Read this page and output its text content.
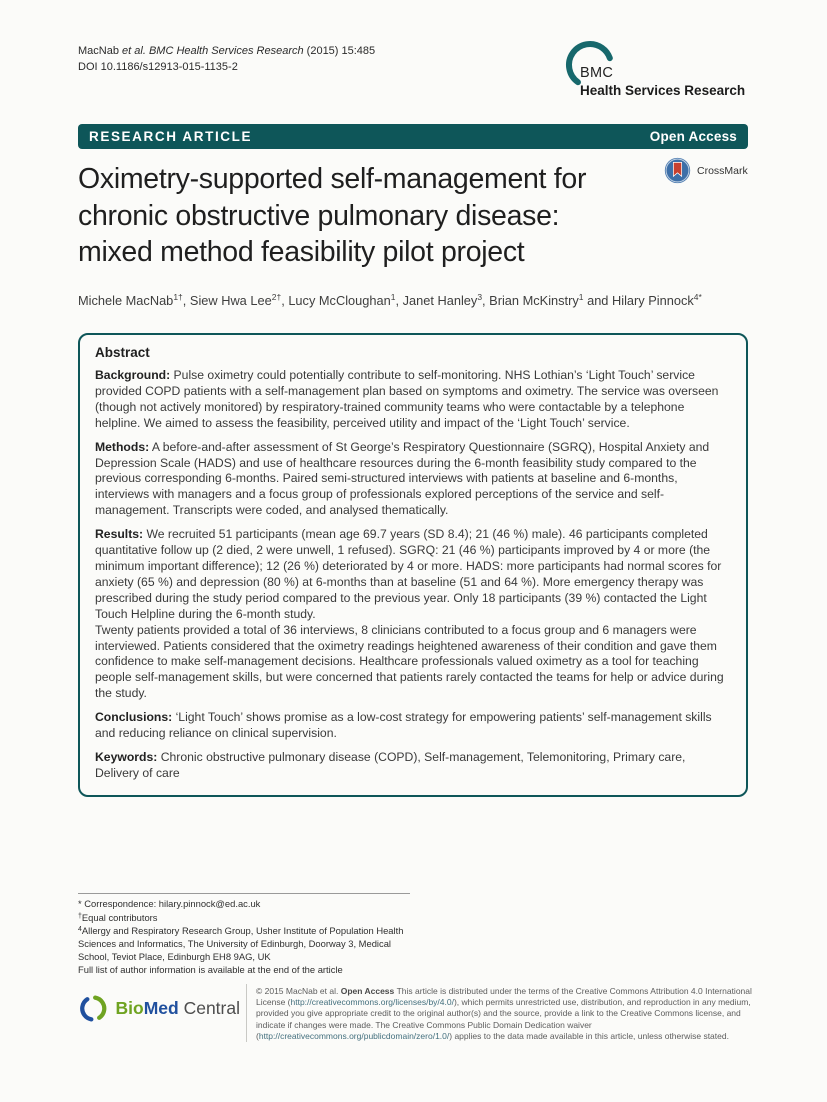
MacNab et al. BMC Health Services Research (2015) 15:485
DOI 10.1186/s12913-015-1135-2	BMC
Health Services Research
RESEARCH ARTICLE	Open Access
Oximetry-supported self-management for
chronic obstructive pulmonary disease:
mixed method feasibility pilot project
CrossMark
Michele MacNab$^{1\dagger}$, Siew Hwa Lee$^{2\dagger}$, Lucy McCloughan$^1$, Janet Hanley$^3$, Brian McKinstry$^1$ and Hilary Pinnock$^{4*}$
Abstract

Background: Pulse oximetry could potentially contribute to self-monitoring. NHS Lothian’s ‘Light Touch’ service provided COPD patients with a self-management plan based on symptoms and oximetry. The service was overseen (though not actively monitored) by respiratory-trained community teams who were contactable by a telephone helpline. We aimed to assess the feasibility, perceived utility and impact of the ‘Light Touch’ service.

Methods: A before-and-after assessment of St George’s Respiratory Questionnaire (SGRQ), Hospital Anxiety and Depression Scale (HADS) and use of healthcare resources during the 6-month feasibility study compared to the previous corresponding 6-months. Paired semi-structured interviews with patients at baseline and 6-months, interviews with managers and a focus group of professionals explored perceptions of the service and self-management. Transcripts were coded, and analysed thematically.

Results: We recruited 51 participants (mean age 69.7 years (SD 8.4); 21 (46 %) male). 46 participants completed quantitative follow up (2 died, 2 were unwell, 1 refused). SGRQ: 21 (46 %) participants improved by 4 or more (the minimum important difference); 12 (26 %) deteriorated by 4 or more. HADS: more participants had normal scores for anxiety (65 %) and depression (80 %) at 6-months than at baseline (51 and 64 %). More emergency therapy was prescribed during the study period compared to the previous year. Only 18 participants (39 %) contacted the Light Touch Helpline during the 6-month study.

Twenty patients provided a total of 36 interviews, 8 clinicians contributed to a focus group and 6 managers were interviewed. Patients considered that the oximetry readings heightened awareness of their condition and gave them confidence to make self-management decisions. Healthcare professionals valued oximetry as a tool for teaching people self-management skills, but were concerned that patients rarely contacted the teams for help or advice during the study.

Conclusions: ‘Light Touch’ shows promise as a low-cost strategy for empowering patients’ self-management skills and reducing reliance on clinical supervision.

Keywords: Chronic obstructive pulmonary disease (COPD), Self-management, Telemonitoring, Primary care, Delivery of care

* Correspondence: hilary.pinnock@ed.ac.uk
†Equal contributors
$^4$Allergy and Respiratory Research Group, Usher Institute of Population Health Sciences and Informatics, The University of Edinburgh, Doorway 3, Medical School, Teviot Place, Edinburgh EH8 9AG, UK
Full list of author information is available at the end of the article
BioMed Central
© 2015 MacNab et al. Open Access This article is distributed under the terms of the Creative Commons Attribution 4.0 International License (http://creativecommons.org/licenses/by/4.0/), which permits unrestricted use, distribution, and reproduction in any medium, provided you give appropriate credit to the original author(s) and the source, provide a link to the Creative Commons license, and indicate if changes were made. The Creative Commons Public Domain Dedication waiver (http://creativecommons.org/publicdomain/zero/1.0/) applies to the data made available in this article, unless otherwise stated.
